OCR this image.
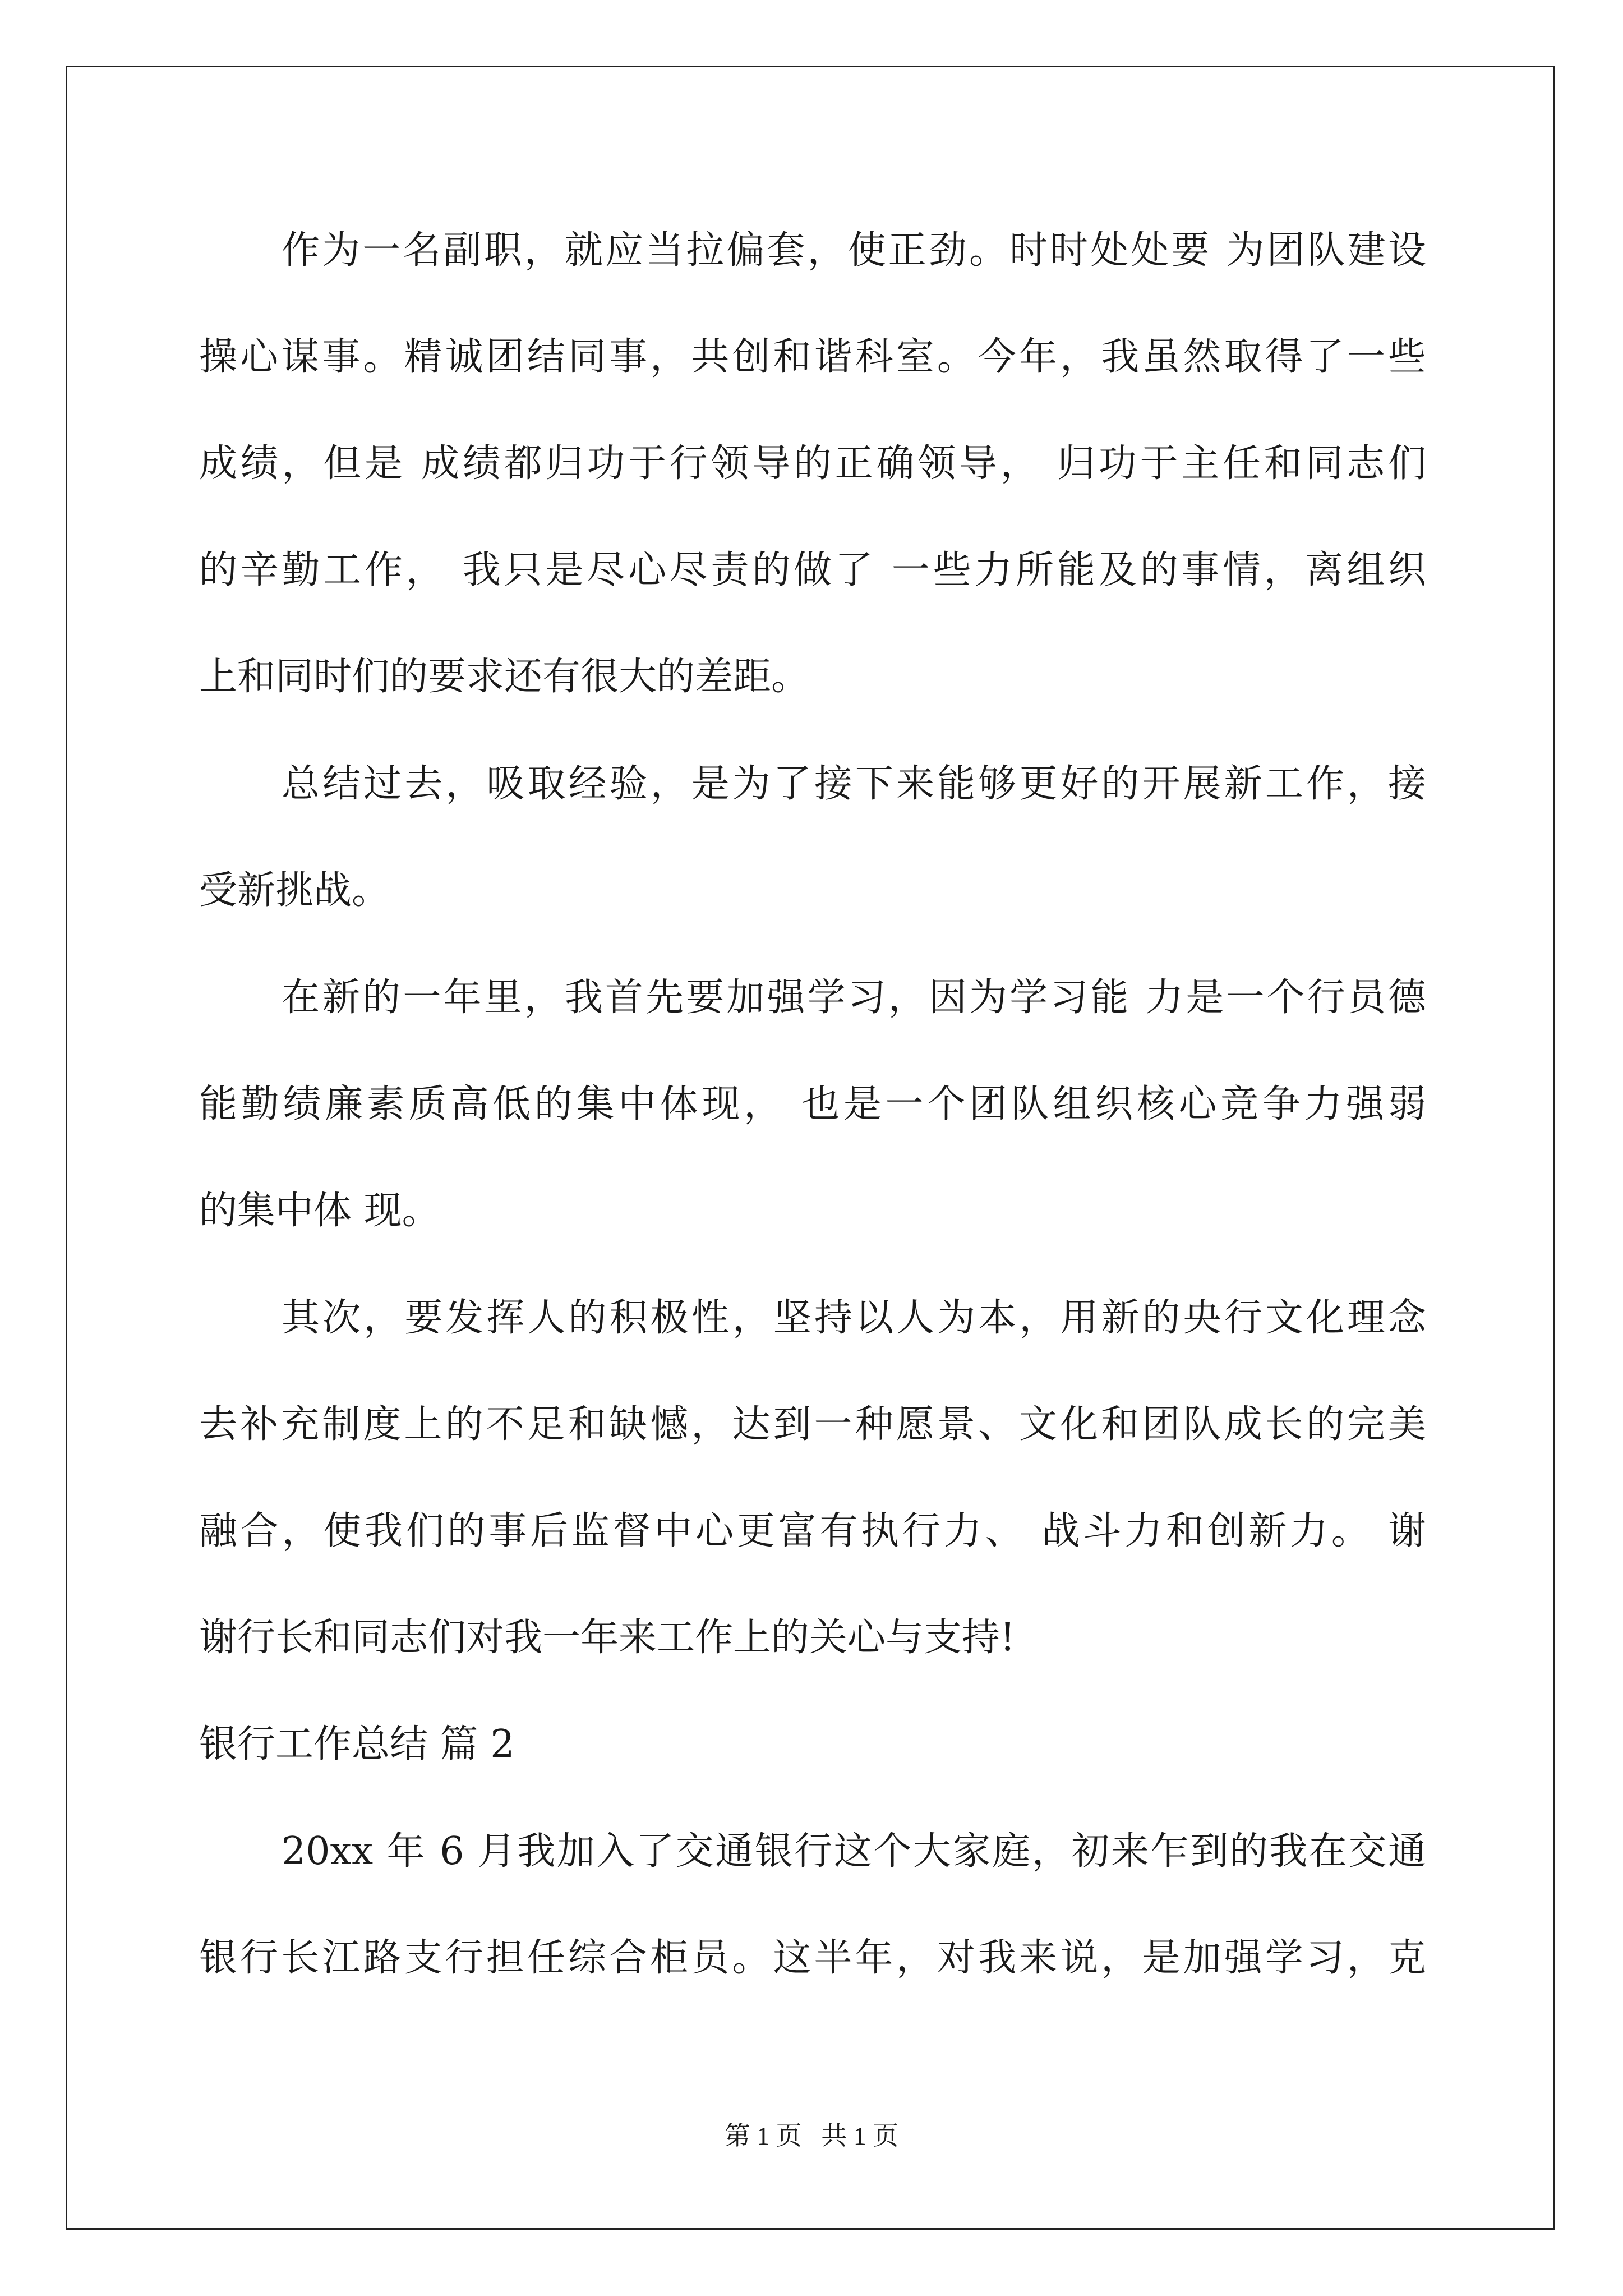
作为一名副职，就应当拉偏套，使正劲。时时处处要 为团队建设
操心谋事。精诚团结同事，共创和谐科室。今年，我虽然取得了一些
成绩，但是 成绩都归功于行领导的正确领导， 归功于主任和同志们
的辛勤工作， 我只是尽心尽责的做了 一些力所能及的事情，离组织
上和同时们的要求还有很大的差距。
总结过去，吸取经验，是为了接下来能够更好的开展新工作，接
受新挑战。
在新的一年里，我首先要加强学习，因为学习能 力是一个行员德
能勤绩廉素质高低的集中体现， 也是一个团队组织核心竞争力强弱
的集中体 现。
其次，要发挥人的积极性，坚持以人为本，用新的央行文化理念
去补充制度上的不足和缺憾，达到一种愿景、文化和团队成长的完美
融合，使我们的事后监督中心更富有执行力、 战斗力和创新力。 谢
谢行长和同志们对我一年来工作上的关心与支持!
银行工作总结 篇 2
20xx 年 6 月我加入了交通银行这个大家庭，初来乍到的我在交通
银行长江路支行担任综合柜员。这半年，对我来说，是加强学习，克
第 1 页   共 1 页
